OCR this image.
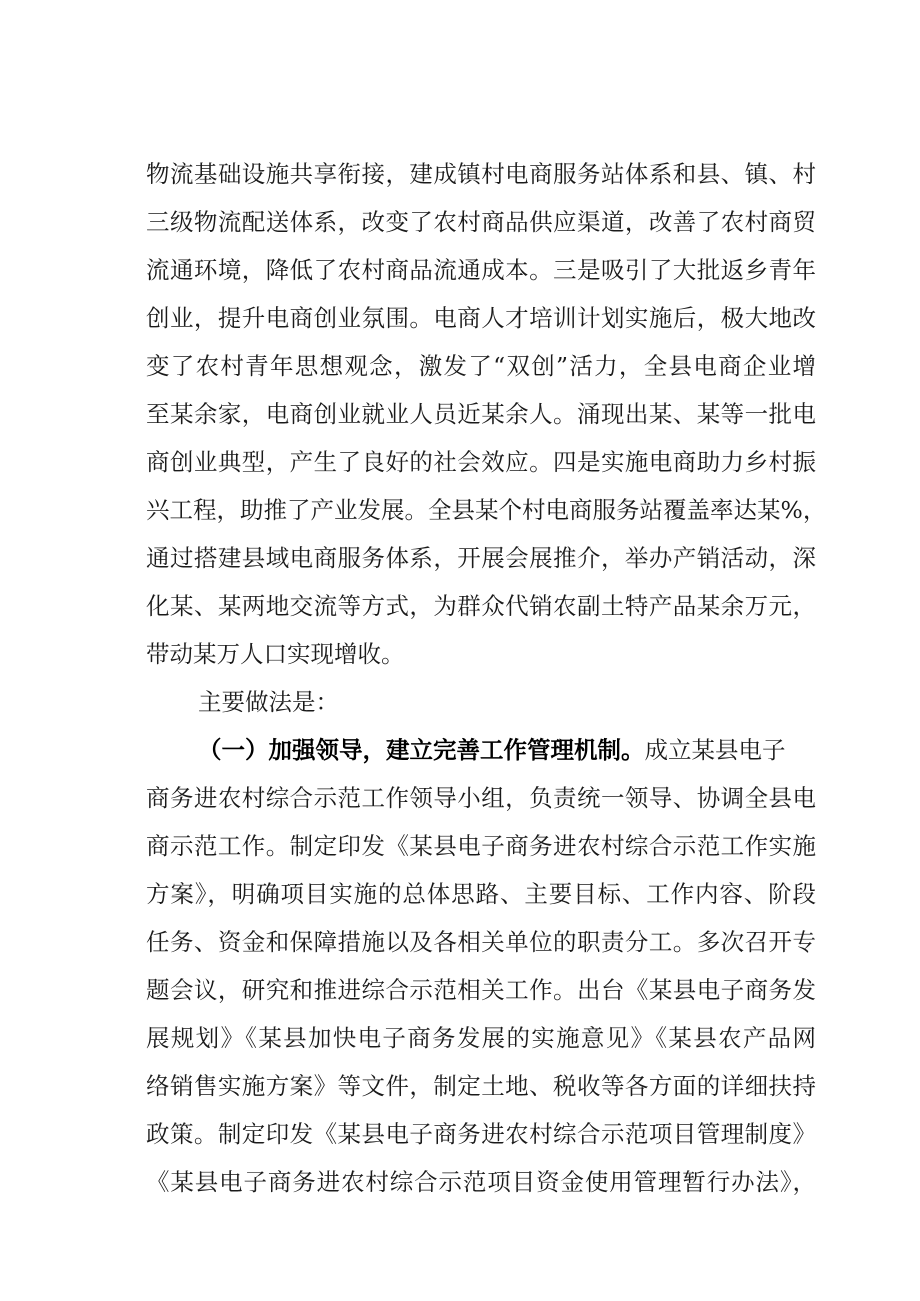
物流基础设施共享衔接，建成镇村电商服务站体系和县、镇、村
三级物流配送体系，改变了农村商品供应渠道，改善了农村商贸
流通环境，降低了农村商品流通成本。三是吸引了大批返乡青年
创业，提升电商创业氛围。电商人才培训计划实施后，极大地改
变了农村青年思想观念，激发了“双创”活力，全县电商企业增
至某余家，电商创业就业人员近某余人。涌现出某、某等一批电
商创业典型，产生了良好的社会效应。四是实施电商助力乡村振
兴工程，助推了产业发展。全县某个村电商服务站覆盖率达某%，
通过搭建县域电商服务体系，开展会展推介，举办产销活动，深
化某、某两地交流等方式，为群众代销农副土特产品某余万元，
带动某万人口实现增收。
主要做法是：
（一）加强领导，建立完善工作管理机制。成立某县电子
商务进农村综合示范工作领导小组，负责统一领导、协调全县电
商示范工作。制定印发《某县电子商务进农村综合示范工作实施
方案》，明确项目实施的总体思路、主要目标、工作内容、阶段
任务、资金和保障措施以及各相关单位的职责分工。多次召开专
题会议，研究和推进综合示范相关工作。出台《某县电子商务发
展规划》《某县加快电子商务发展的实施意见》《某县农产品网
络销售实施方案》等文件，制定土地、税收等各方面的详细扶持
政策。制定印发《某县电子商务进农村综合示范项目管理制度》
《某县电子商务进农村综合示范项目资金使用管理暂行办法》，
